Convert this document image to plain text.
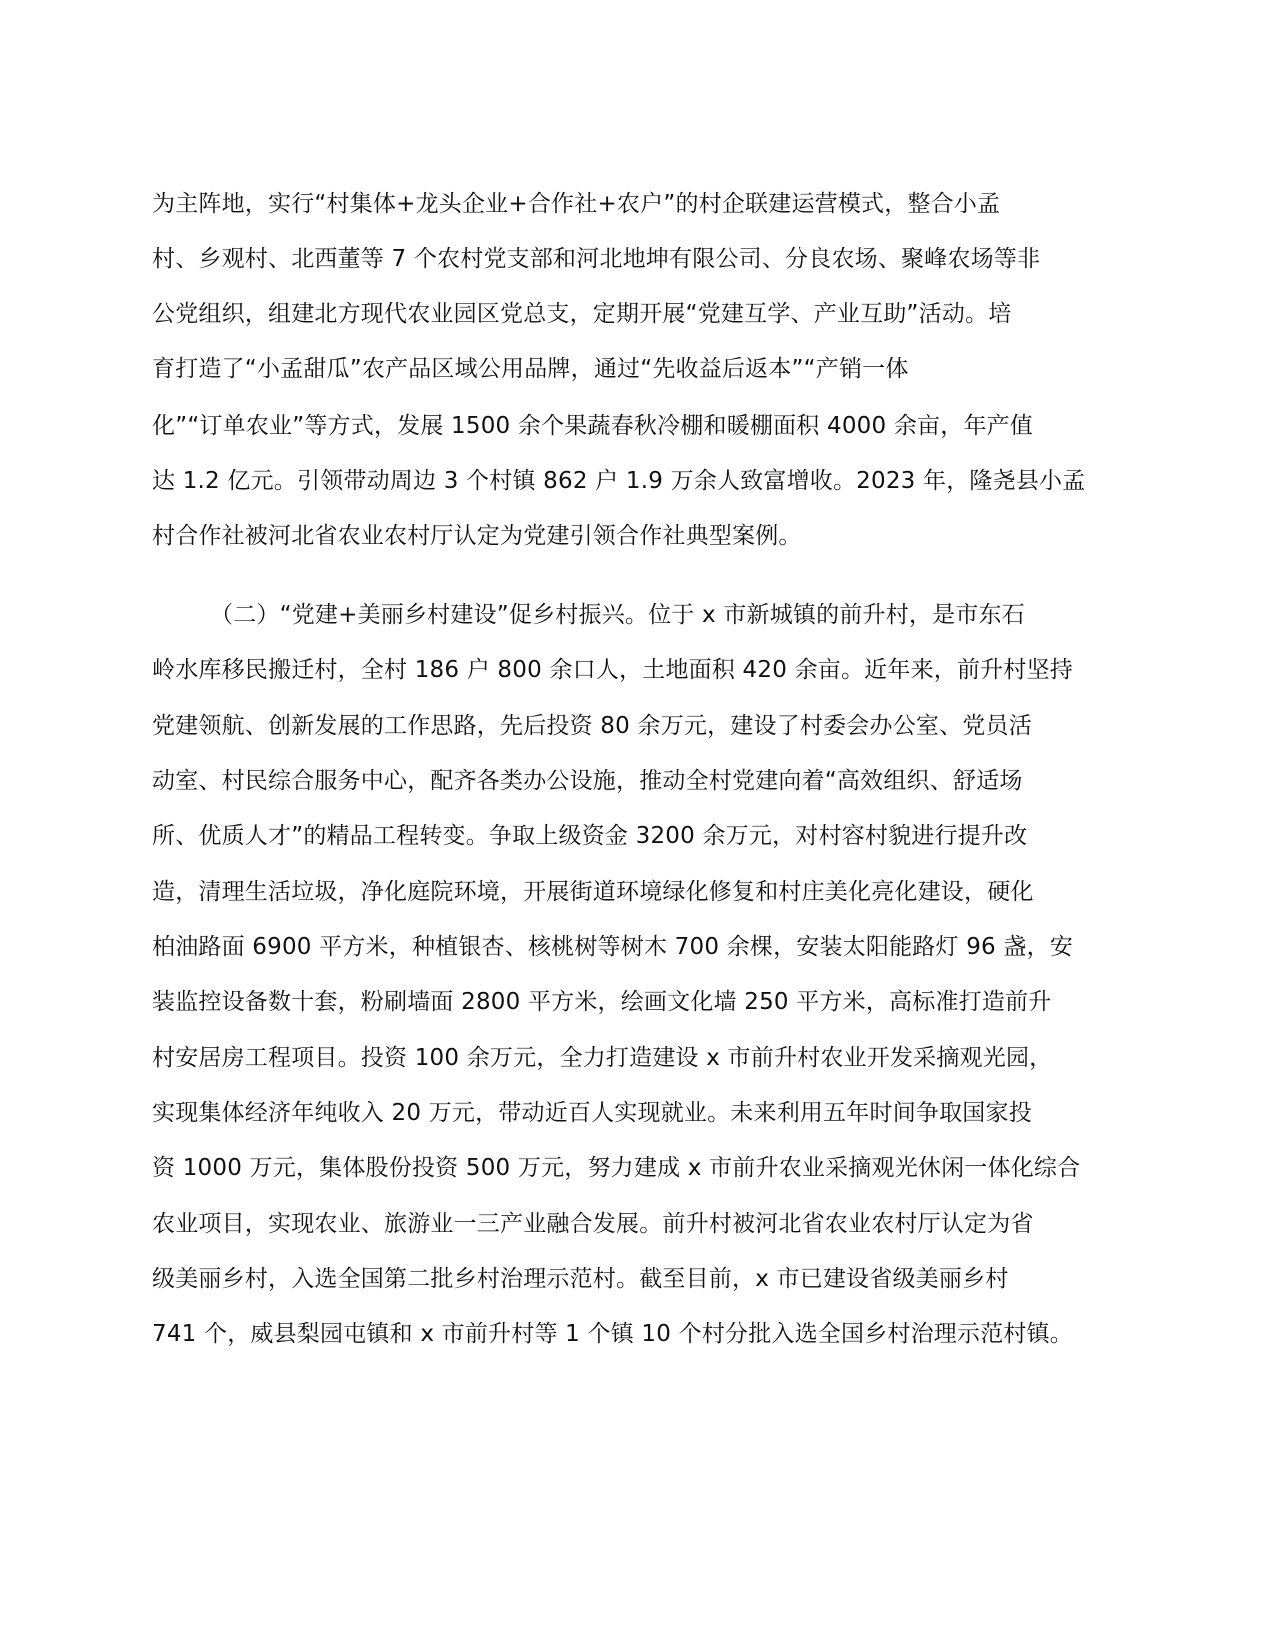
为主阵地，实行“村集体+龙头企业+合作社+农户”的村企联建运营模式，整合小孟
村、乡观村、北西董等 7 个农村党支部和河北地坤有限公司、分良农场、聚峰农场等非
公党组织，组建北方现代农业园区党总支，定期开展“党建互学、产业互助”活动。培
育打造了“小孟甜瓜”农产品区域公用品牌，通过“先收益后返本”“产销一体
化”“订单农业”等方式，发展 1500 余个果蔬春秋冷棚和暖棚面积 4000 余亩，年产值
达 1.2 亿元。引领带动周边 3 个村镇 862 户 1.9 万余人致富增收。2023 年，隆尧县小孟
村合作社被河北省农业农村厅认定为党建引领合作社典型案例。
（二）“党建+美丽乡村建设”促乡村振兴。位于 x 市新城镇的前升村，是市东石
岭水库移民搬迁村，全村 186 户 800 余口人，土地面积 420 余亩。近年来，前升村坚持
党建领航、创新发展的工作思路，先后投资 80 余万元，建设了村委会办公室、党员活
动室、村民综合服务中心，配齐各类办公设施，推动全村党建向着“高效组织、舒适场
所、优质人才”的精品工程转变。争取上级资金 3200 余万元，对村容村貌进行提升改
造，清理生活垃圾，净化庭院环境，开展街道环境绿化修复和村庄美化亮化建设，硬化
柏油路面 6900 平方米，种植银杏、核桃树等树木 700 余棵，安装太阳能路灯 96 盏，安
装监控设备数十套，粉刷墙面 2800 平方米，绘画文化墙 250 平方米，高标准打造前升
村安居房工程项目。投资 100 余万元，全力打造建设 x 市前升村农业开发采摘观光园，
实现集体经济年纯收入 20 万元，带动近百人实现就业。未来利用五年时间争取国家投
资 1000 万元，集体股份投资 500 万元，努力建成 x 市前升农业采摘观光休闲一体化综合
农业项目，实现农业、旅游业一三产业融合发展。前升村被河北省农业农村厅认定为省
级美丽乡村，入选全国第二批乡村治理示范村。截至目前，x 市已建设省级美丽乡村
741 个，威县梨园屯镇和 x 市前升村等 1 个镇 10 个村分批入选全国乡村治理示范村镇。
